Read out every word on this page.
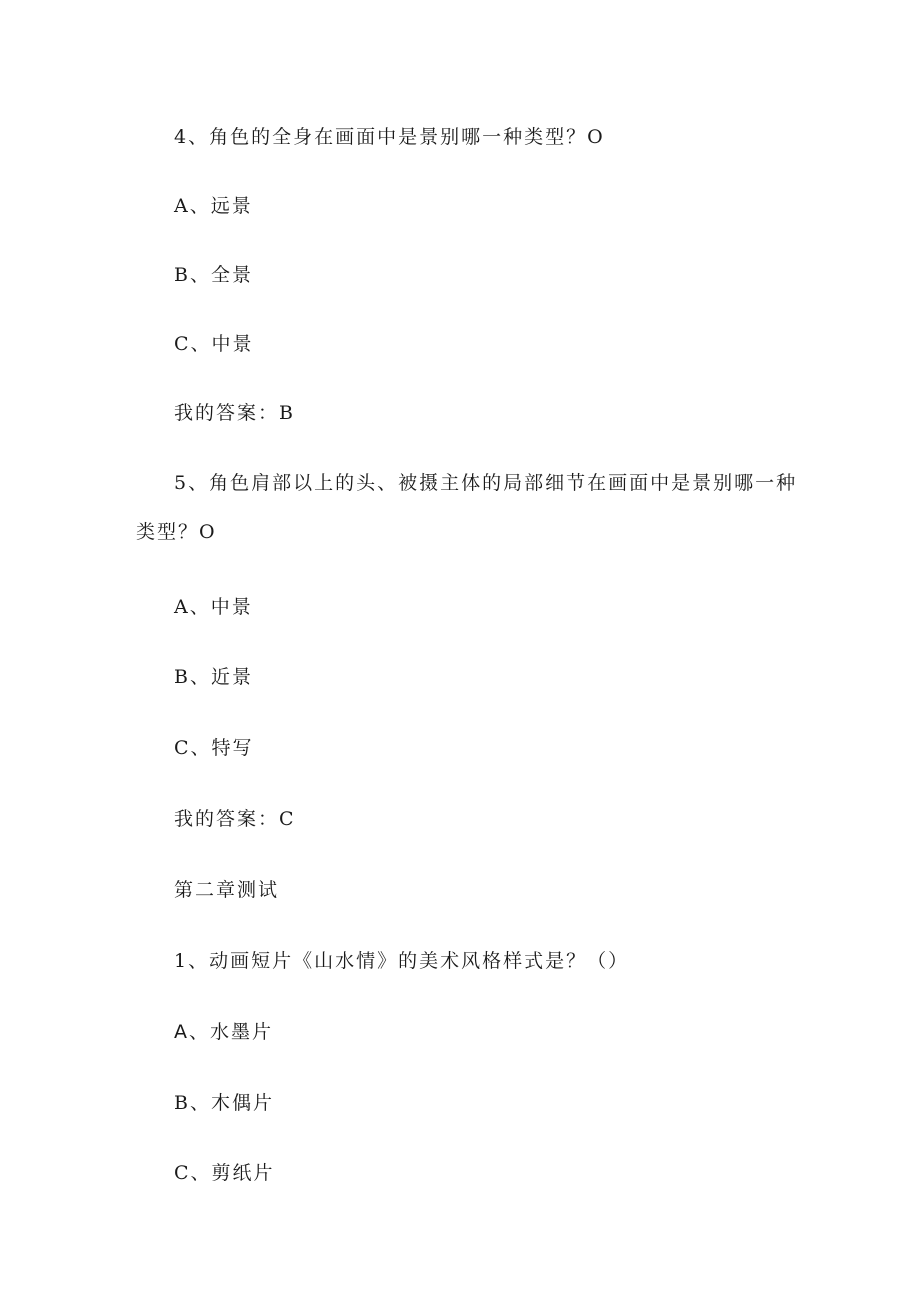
4、角色的全身在画面中是景别哪一种类型？O

A、远景

B、全景

C、中景

我的答案：B

5、角色肩部以上的头、被摄主体的局部细节在画面中是景别哪一种

类型？O

A、中景

B、近景

C、特写

我的答案：C

第二章测试

1、动画短片《山水情》的美术风格样式是？（）

A、水墨片

B、木偶片

C、剪纸片
